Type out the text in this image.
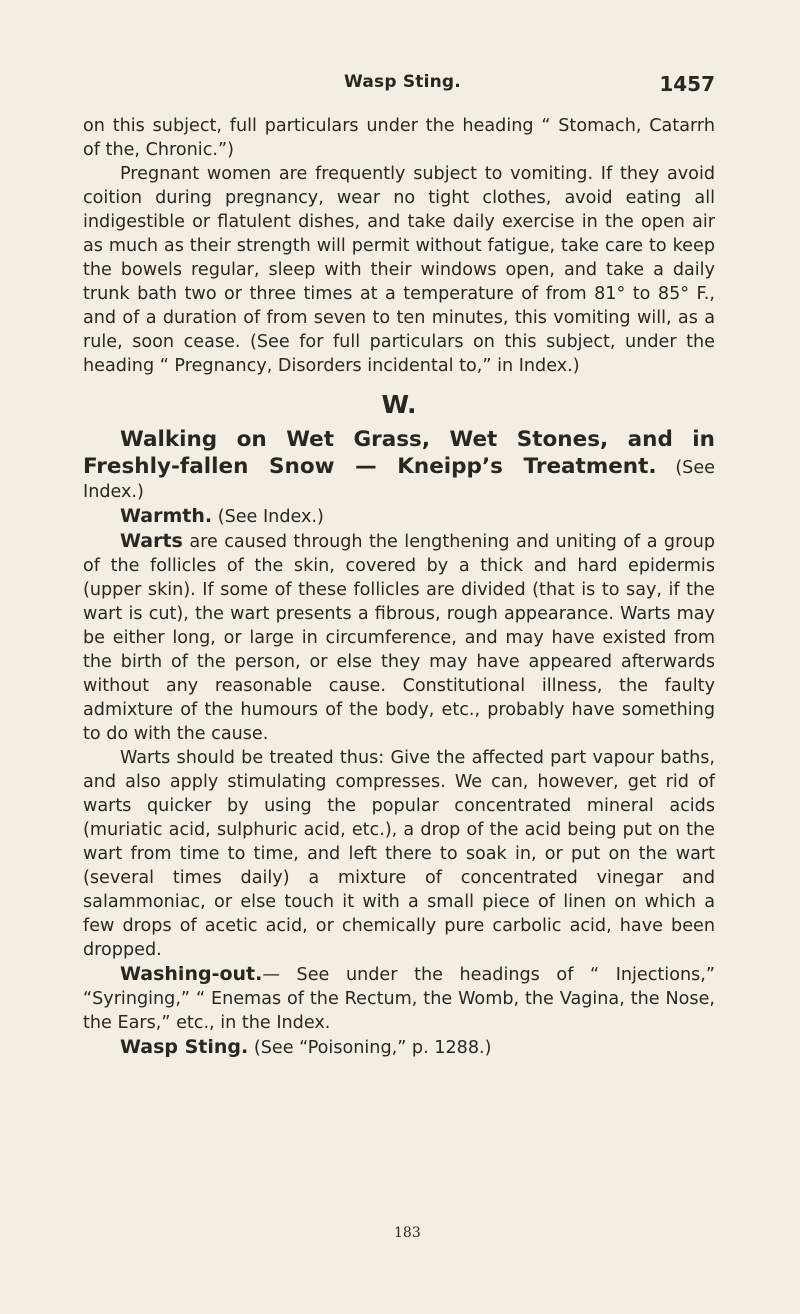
Wasp Sting.	1457

on this subject, full particulars under the heading “ Stomach, Catarrh of the, Chronic.”)

Pregnant women are frequently subject to vomiting. If they avoid coition during pregnancy, wear no tight clothes, avoid eating all indigestible or flatulent dishes, and take daily exercise in the open air as much as their strength will permit without fatigue, take care to keep the bowels regular, sleep with their windows open, and take a daily trunk bath two or three times at a temperature of from 81° to 85° F., and of a duration of from seven to ten minutes, this vomiting will, as a rule, soon cease. (See for full particulars on this subject, under the heading “ Pregnancy, Disorders incidental to,” in Index.)

W.

Walking on Wet Grass, Wet Stones, and in Freshly-fallen Snow — Kneipp’s Treatment. (See Index.)

Warmth. (See Index.)

Warts are caused through the lengthening and uniting of a group of the follicles of the skin, covered by a thick and hard epidermis (upper skin). If some of these follicles are divided (that is to say, if the wart is cut), the wart presents a fibrous, rough appearance. Warts may be either long, or large in circumference, and may have existed from the birth of the person, or else they may have appeared afterwards without any reasonable cause. Constitutional illness, the faulty admixture of the humours of the body, etc., probably have something to do with the cause.

Warts should be treated thus: Give the affected part vapour baths, and also apply stimulating compresses. We can, however, get rid of warts quicker by using the popular concentrated mineral acids (muriatic acid, sulphuric acid, etc.), a drop of the acid being put on the wart from time to time, and left there to soak in, or put on the wart (several times daily) a mixture of concentrated vinegar and salammoniac, or else touch it with a small piece of linen on which a few drops of acetic acid, or chemically pure carbolic acid, have been dropped.

Washing-out.— See under the headings of “ Injections,” “Syringing,” “ Enemas of the Rectum, the Womb, the Vagina, the Nose, the Ears,” etc., in the Index.

Wasp Sting. (See “Poisoning,” p. 1288.)

183
